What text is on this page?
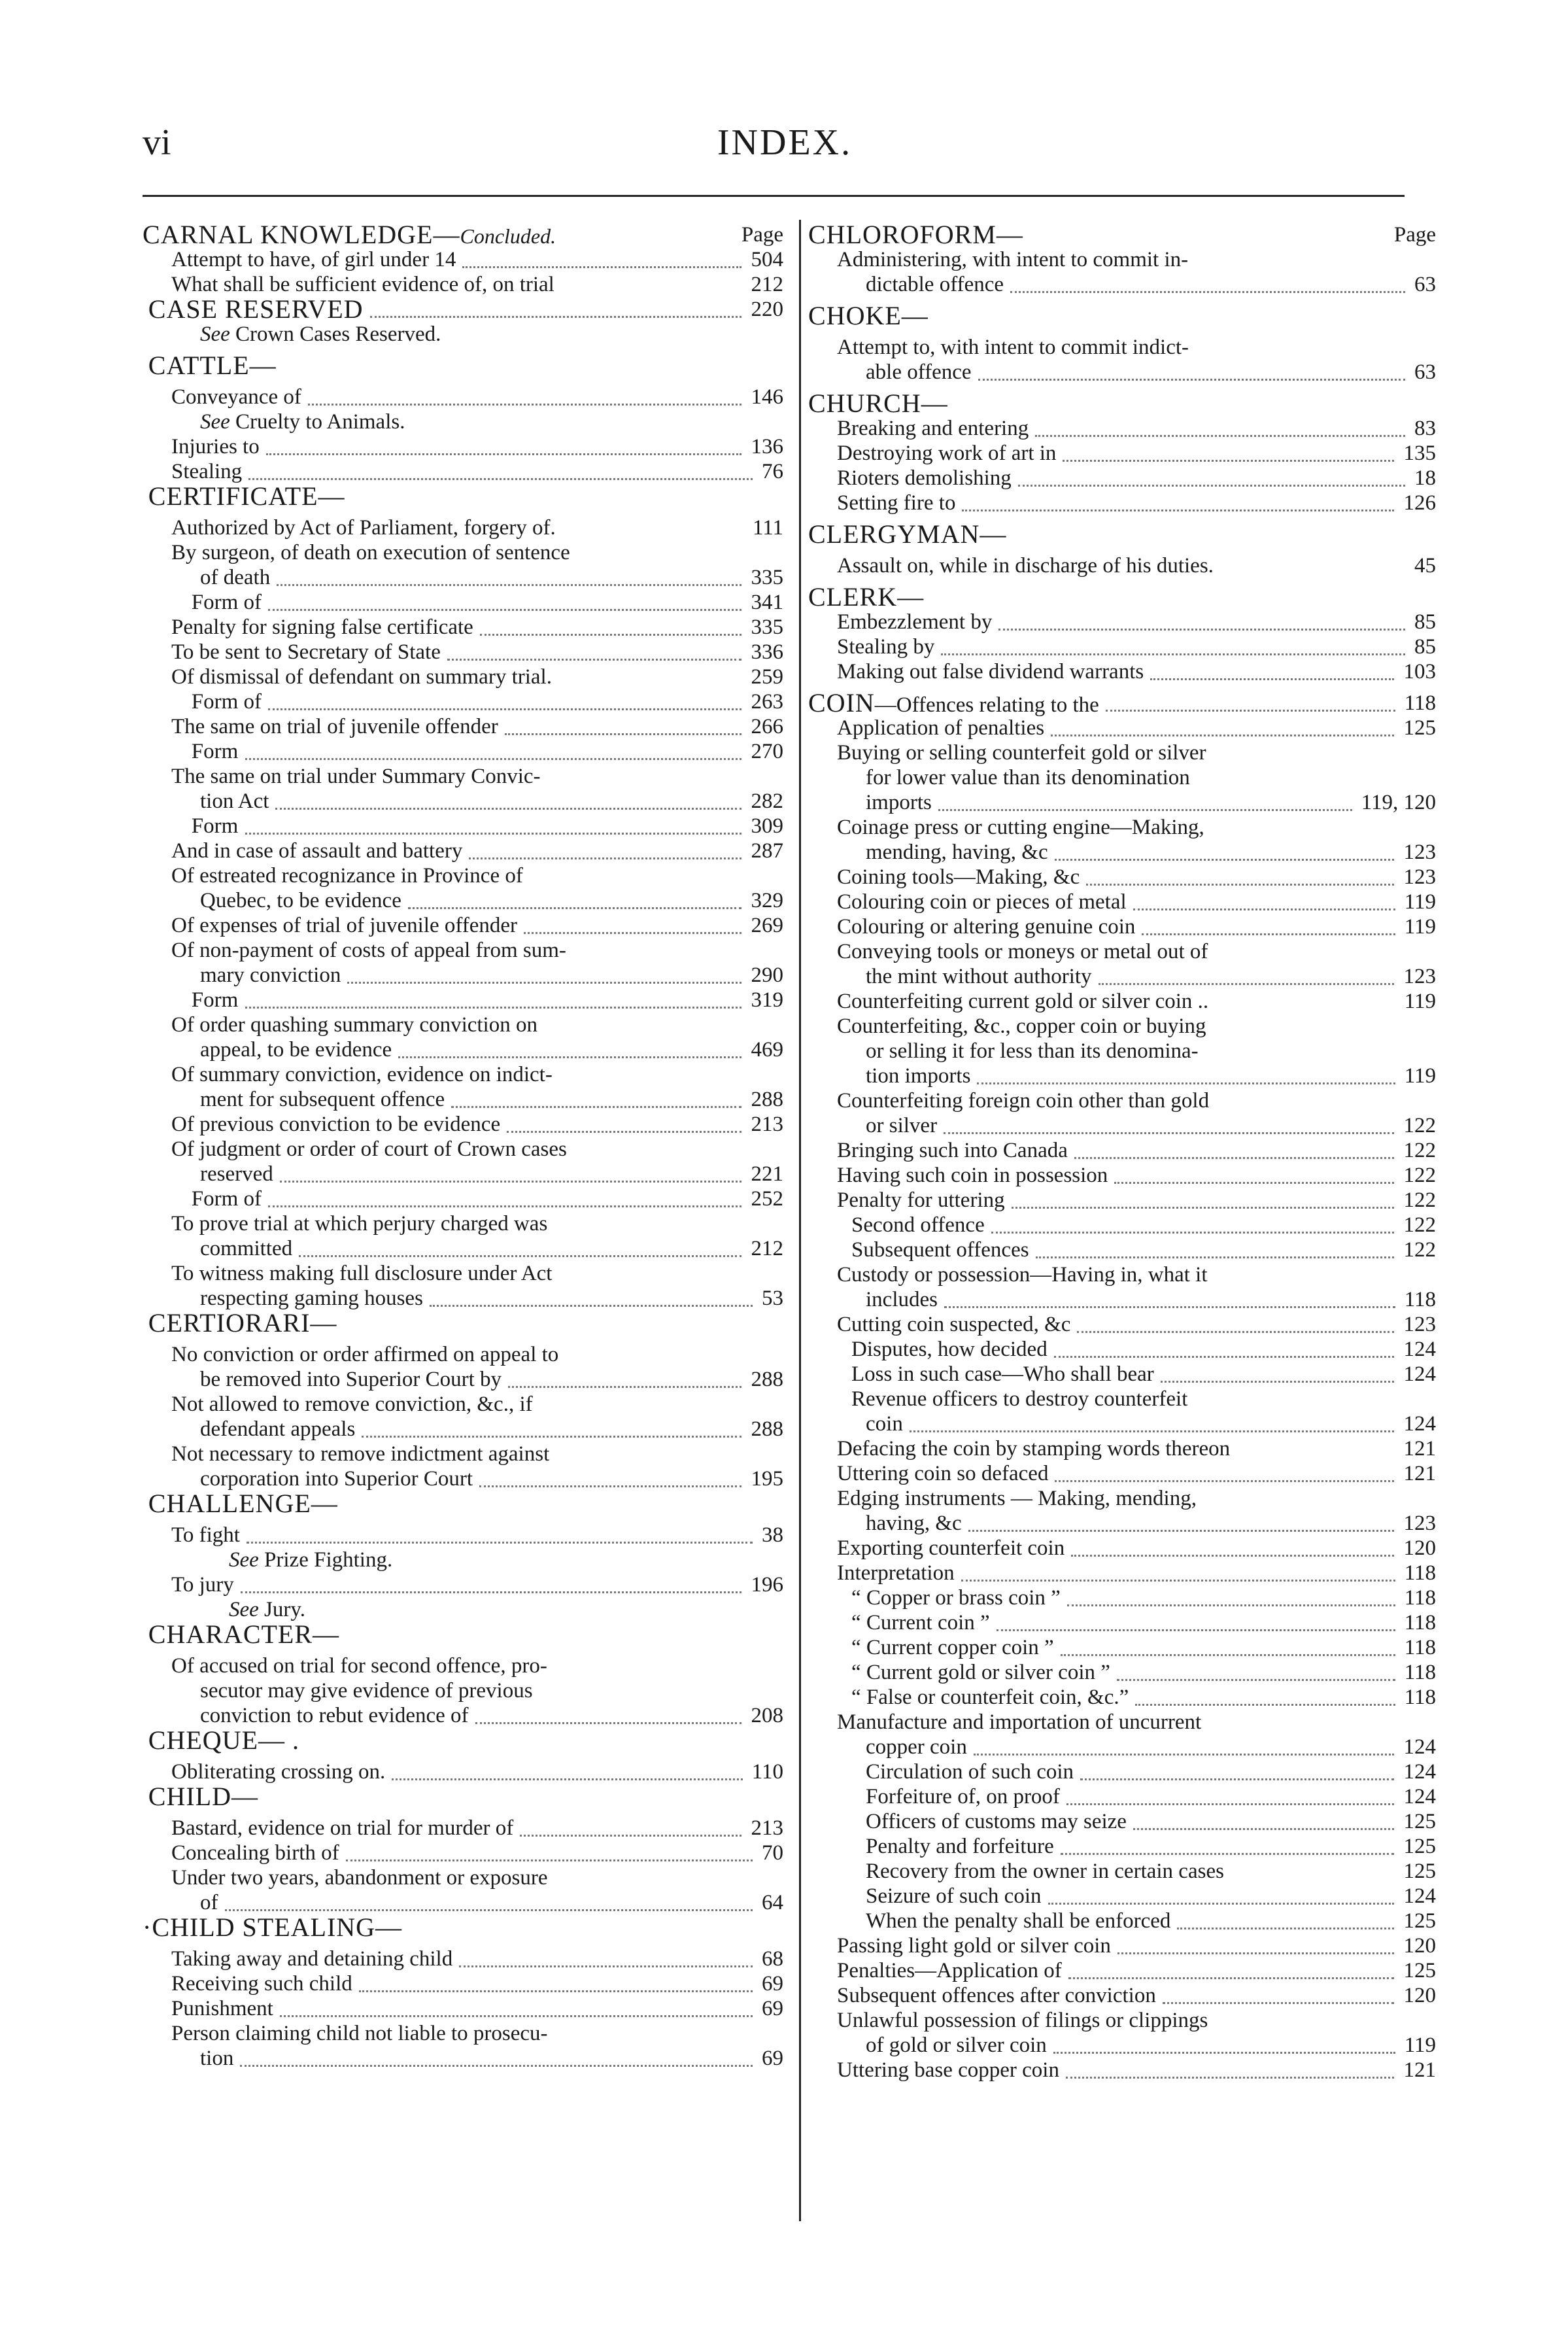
vi	INDEX.
CARNAL KNOWLEDGE—Concluded.	Page
Attempt to have, of girl under 14	504
What shall be sufficient evidence of, on trial	212
CASE RESERVED	220
See Crown Cases Reserved.
CATTLE—
Conveyance of	146
See Cruelty to Animals.
Injuries to	136
Stealing	76
CERTIFICATE—
Authorized by Act of Parliament, forgery of.	111
By surgeon, of death on execution of sentence
of death	335
Form of	341
Penalty for signing false certificate	335
To be sent to Secretary of State	336
Of dismissal of defendant on summary trial.	259
Form of	263
The same on trial of juvenile offender	266
Form	270
The same on trial under Summary Convic-
tion Act	282
Form	309
And in case of assault and battery	287
Of estreated recognizance in Province of
Quebec, to be evidence	329
Of expenses of trial of juvenile offender	269
Of non-payment of costs of appeal from sum-
mary conviction	290
Form	319
Of order quashing summary conviction on
appeal, to be evidence	469
Of summary conviction, evidence on indict-
ment for subsequent offence	288
Of previous conviction to be evidence	213
Of judgment or order of court of Crown cases
reserved	221
Form of	252
To prove trial at which perjury charged was
committed	212
To witness making full disclosure under Act
respecting gaming houses	53
CERTIORARI—
No conviction or order affirmed on appeal to
be removed into Superior Court by	288
Not allowed to remove conviction, &c., if
defendant appeals	288
Not necessary to remove indictment against
corporation into Superior Court	195
CHALLENGE—
To fight	38
See Prize Fighting.
To jury	196
See Jury.
CHARACTER—
Of accused on trial for second offence, pro-
secutor may give evidence of previous
conviction to rebut evidence of	208
CHEQUE— .
Obliterating crossing on.	110
CHILD—
Bastard, evidence on trial for murder of	213
Concealing birth of	70
Under two years, abandonment or exposure
of	64
·CHILD STEALING—
Taking away and detaining child	68
Receiving such child	69
Punishment	69
Person claiming child not liable to prosecu-
tion	69
CHLOROFORM—	Page
Administering, with intent to commit in-
dictable offence	63
CHOKE—
Attempt to, with intent to commit indict-
able offence	63
CHURCH—
Breaking and entering	83
Destroying work of art in	135
Rioters demolishing	18
Setting fire to	126
CLERGYMAN—
Assault on, while in discharge of his duties.	45
CLERK—
Embezzlement by	85
Stealing by	85
Making out false dividend warrants	103
COIN—Offences relating to the	118
Application of penalties	125
Buying or selling counterfeit gold or silver
for lower value than its denomination
imports	119, 120
Coinage press or cutting engine—Making,
mending, having, &c	123
Coining tools—Making, &c	123
Colouring coin or pieces of metal	119
Colouring or altering genuine coin	119
Conveying tools or moneys or metal out of
the mint without authority	123
Counterfeiting current gold or silver coin ..	119
Counterfeiting, &c., copper coin or buying
or selling it for less than its denomina-
tion imports	119
Counterfeiting foreign coin other than gold
or silver	122
Bringing such into Canada	122
Having such coin in possession	122
Penalty for uttering	122
Second offence	122
Subsequent offences	122
Custody or possession—Having in, what it
includes	118
Cutting coin suspected, &c	123
Disputes, how decided	124
Loss in such case—Who shall bear	124
Revenue officers to destroy counterfeit
coin	124
Defacing the coin by stamping words thereon	121
Uttering coin so defaced	121
Edging instruments — Making, mending,
having, &c	123
Exporting counterfeit coin	120
Interpretation	118
“ Copper or brass coin ”	118
“ Current coin ”	118
“ Current copper coin ”	118
“ Current gold or silver coin ”	118
“ False or counterfeit coin, &c.”	118
Manufacture and importation of uncurrent
copper coin	124
Circulation of such coin	124
Forfeiture of, on proof	124
Officers of customs may seize	125
Penalty and forfeiture	125
Recovery from the owner in certain cases	125
Seizure of such coin	124
When the penalty shall be enforced	125
Passing light gold or silver coin	120
Penalties—Application of	125
Subsequent offences after conviction	120
Unlawful possession of filings or clippings
of gold or silver coin	119
Uttering base copper coin	121
